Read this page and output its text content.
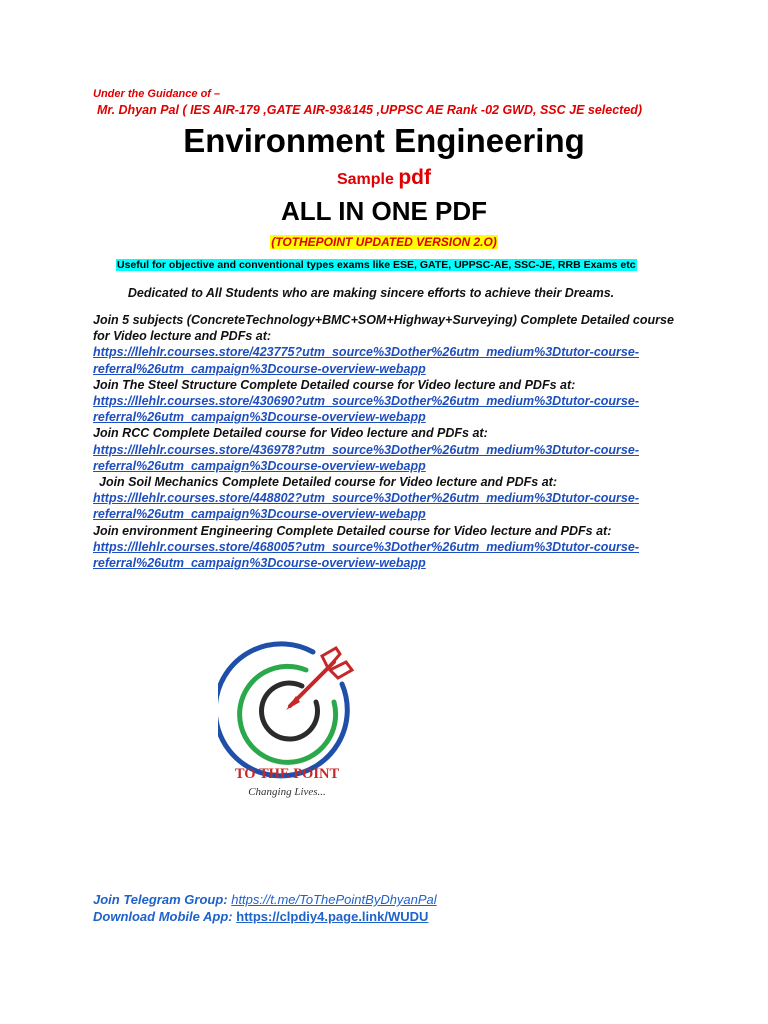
Under the Guidance of –
Mr. Dhyan Pal ( IES AIR-179 ,GATE AIR-93&145 ,UPPSC AE Rank -02 GWD, SSC JE selected)
Environment Engineering
Sample pdf
ALL IN ONE PDF
(TOTHEPOINT UPDATED VERSION 2.O)
Useful for objective and conventional types exams like ESE, GATE, UPPSC-AE, SSC-JE, RRB Exams etc
Dedicated to All Students who are making sincere efforts to achieve their Dreams.

Join 5 subjects (ConcreteTechnology+BMC+SOM+Highway+Surveying) Complete Detailed course for Video lecture and PDFs at:

https://llehlr.courses.store/423775?utm_source%3Dother%26utm_medium%3Dtutor-course-referral%26utm_campaign%3Dcourse-overview-webapp

Join The Steel Structure Complete Detailed course for Video lecture and PDFs at:

https://llehlr.courses.store/430690?utm_source%3Dother%26utm_medium%3Dtutor-course-referral%26utm_campaign%3Dcourse-overview-webapp

Join RCC Complete Detailed course for Video lecture and PDFs at:

https://llehlr.courses.store/436978?utm_source%3Dother%26utm_medium%3Dtutor-course-referral%26utm_campaign%3Dcourse-overview-webapp

Join Soil Mechanics Complete Detailed course for Video lecture and PDFs at:

https://llehlr.courses.store/448802?utm_source%3Dother%26utm_medium%3Dtutor-course-referral%26utm_campaign%3Dcourse-overview-webapp

Join environment Engineering Complete Detailed course for Video lecture and PDFs at:

https://llehlr.courses.store/468005?utm_source%3Dother%26utm_medium%3Dtutor-course-referral%26utm_campaign%3Dcourse-overview-webapp

TO THE POINT
Changing Lives...
Join Telegram Group: https://t.me/ToThePointByDhyanPal
Download Mobile App: https://clpdiy4.page.link/WUDU
